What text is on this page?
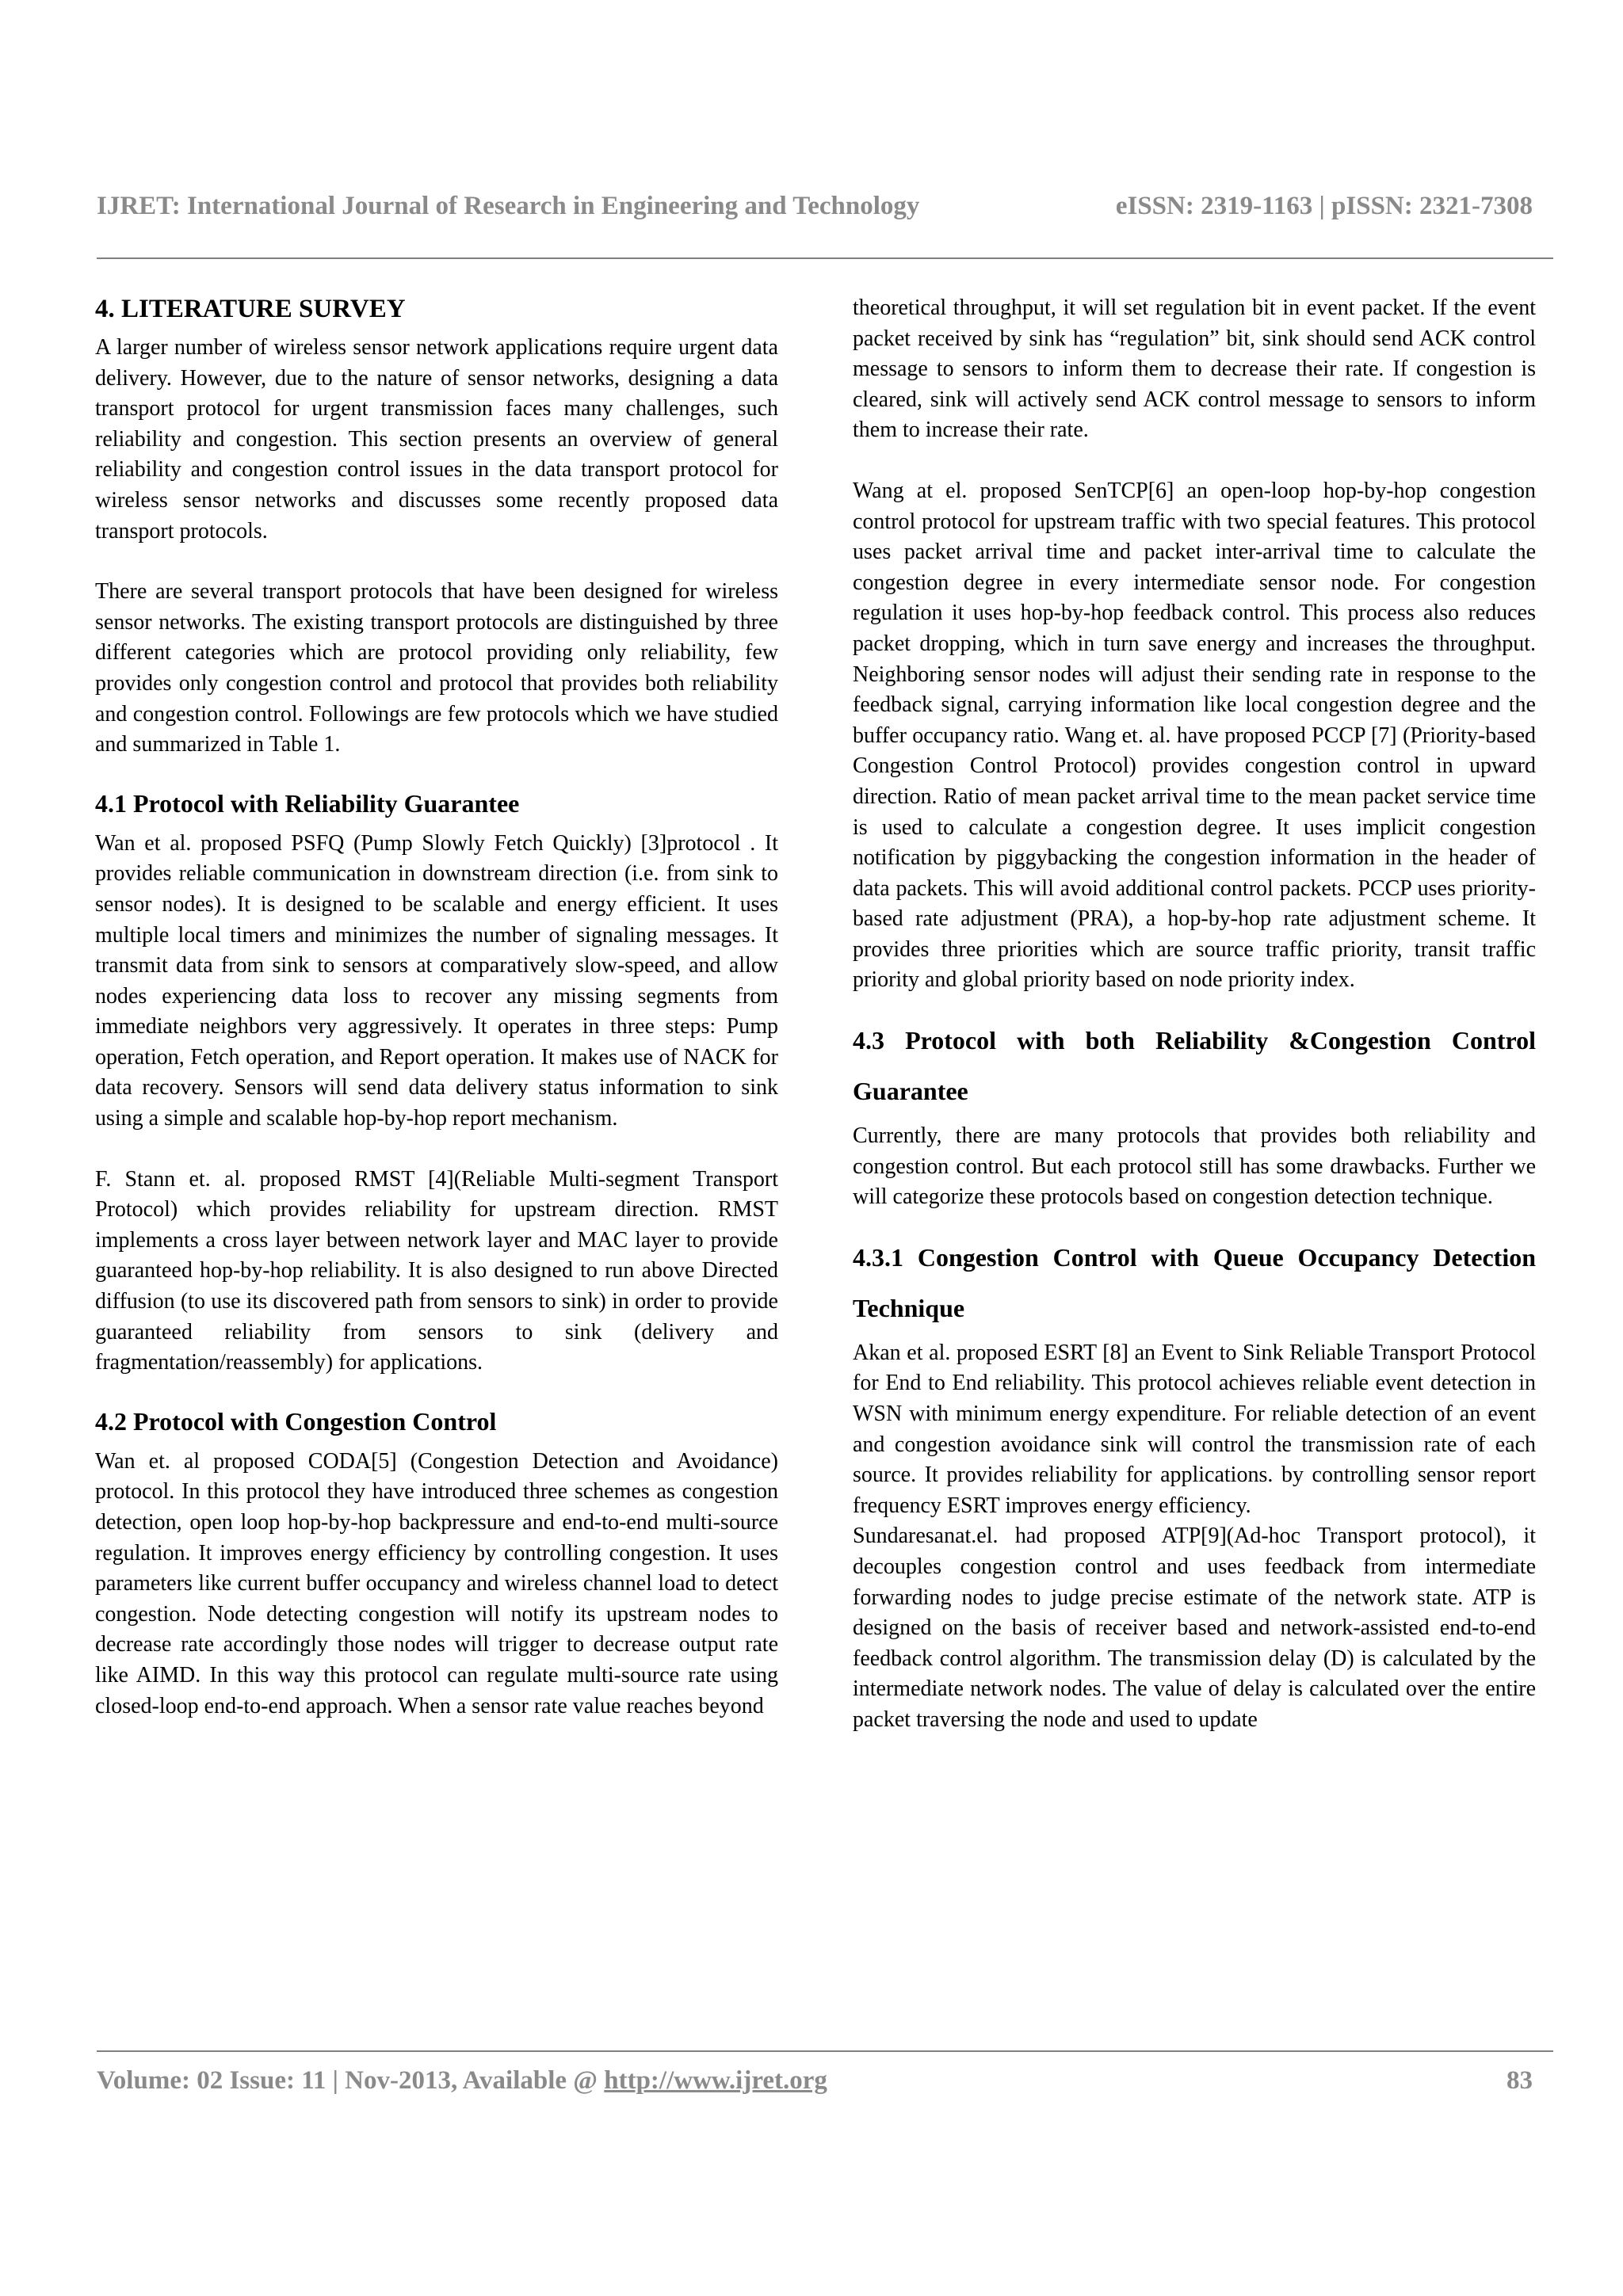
IJRET: International Journal of Research in Engineering and Technology	eISSN: 2319-1163 | pISSN: 2321-7308
4. LITERATURE SURVEY

A larger number of wireless sensor network applications require urgent data delivery. However, due to the nature of sensor networks, designing a data transport protocol for urgent transmission faces many challenges, such reliability and congestion. This section presents an overview of general reliability and congestion control issues in the data transport protocol for wireless sensor networks and discusses some recently proposed data transport protocols.

There are several transport protocols that have been designed for wireless sensor networks. The existing transport protocols are distinguished by three different categories which are protocol providing only reliability, few provides only congestion control and protocol that provides both reliability and congestion control. Followings are few protocols which we have studied and summarized in Table 1.

4.1 Protocol with Reliability Guarantee

Wan et al. proposed PSFQ (Pump Slowly Fetch Quickly) [3]protocol . It provides reliable communication in downstream direction (i.e. from sink to sensor nodes). It is designed to be scalable and energy efficient. It uses multiple local timers and minimizes the number of signaling messages. It transmit data from sink to sensors at comparatively slow-speed, and allow nodes experiencing data loss to recover any missing segments from immediate neighbors very aggressively. It operates in three steps: Pump operation, Fetch operation, and Report operation. It makes use of NACK for data recovery. Sensors will send data delivery status information to sink using a simple and scalable hop-by-hop report mechanism.

F. Stann et. al. proposed RMST [4](Reliable Multi-segment Transport Protocol) which provides reliability for upstream direction. RMST implements a cross layer between network layer and MAC layer to provide guaranteed hop-by-hop reliability. It is also designed to run above Directed diffusion (to use its discovered path from sensors to sink) in order to provide guaranteed reliability from sensors to sink (delivery and fragmentation/reassembly) for applications.

4.2 Protocol with Congestion Control

Wan et. al proposed CODA[5] (Congestion Detection and Avoidance) protocol. In this protocol they have introduced three schemes as congestion detection, open loop hop-by-hop backpressure and end-to-end multi-source regulation. It improves energy efficiency by controlling congestion. It uses parameters like current buffer occupancy and wireless channel load to detect congestion. Node detecting congestion will notify its upstream nodes to decrease rate accordingly those nodes will trigger to decrease output rate like AIMD. In this way this protocol can regulate multi-source rate using closed-loop end-to-end approach. When a sensor rate value reaches beyond

theoretical throughput, it will set regulation bit in event packet. If the event packet received by sink has “regulation” bit, sink should send ACK control message to sensors to inform them to decrease their rate. If congestion is cleared, sink will actively send ACK control message to sensors to inform them to increase their rate.

Wang at el. proposed SenTCP[6] an open-loop hop-by-hop congestion control protocol for upstream traffic with two special features. This protocol uses packet arrival time and packet inter-arrival time to calculate the congestion degree in every intermediate sensor node. For congestion regulation it uses hop-by-hop feedback control. This process also reduces packet dropping, which in turn save energy and increases the throughput. Neighboring sensor nodes will adjust their sending rate in response to the feedback signal, carrying information like local congestion degree and the buffer occupancy ratio. Wang et. al. have proposed PCCP [7] (Priority-based Congestion Control Protocol) provides congestion control in upward direction. Ratio of mean packet arrival time to the mean packet service time is used to calculate a congestion degree. It uses implicit congestion notification by piggybacking the congestion information in the header of data packets. This will avoid additional control packets. PCCP uses priority-based rate adjustment (PRA), a hop-by-hop rate adjustment scheme. It provides three priorities which are source traffic priority, transit traffic priority and global priority based on node priority index.

4.3 Protocol with both Reliability &Congestion Control Guarantee

Currently, there are many protocols that provides both reliability and congestion control. But each protocol still has some drawbacks. Further we will categorize these protocols based on congestion detection technique.

4.3.1 Congestion Control with Queue Occupancy Detection Technique

Akan et al. proposed ESRT [8] an Event to Sink Reliable Transport Protocol for End to End reliability. This protocol achieves reliable event detection in WSN with minimum energy expenditure. For reliable detection of an event and congestion avoidance sink will control the transmission rate of each source. It provides reliability for applications. by controlling sensor report frequency ESRT improves energy efficiency.

Sundaresanat.el. had proposed ATP[9](Ad-hoc Transport protocol), it decouples congestion control and uses feedback from intermediate forwarding nodes to judge precise estimate of the network state. ATP is designed on the basis of receiver based and network-assisted end-to-end feedback control algorithm. The transmission delay (D) is calculated by the intermediate network nodes. The value of delay is calculated over the entire packet traversing the node and used to update

Volume: 02 Issue: 11 | Nov-2013, Available @ http://www.ijret.org	83
